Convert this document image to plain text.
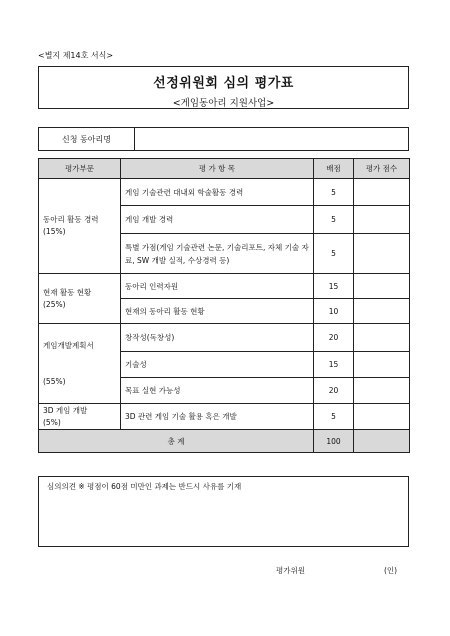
<별지 제14호 서식>
선정위원회 심의 평가표
<게임동아리 지원사업>
신청 동아리명
평가부문	평 가 항 목	배점	평가 점수
동아리 활동 경력
(15%)	게임 기술관련 대내외 학술활동 경력	5	
	게임 개발 경력	5	
	특별 가점(게임 기술관련 논문, 기술리포트, 자체 기술 자료, SW 개발 실적, 수상경력 등)	5	
현재 활동 현황
(25%)	동아리 인력자원	15	
	현재의 동아리 활동 현황	10	
게임개발계획서

(55%)	창작성(독창성)	20	
	기술성	15	
	목표 실현 가능성	20	
3D 게임 개발
(5%)	3D 관련 게임 기술 활용 혹은 개발	5	
총 계		100	
심의의견 ※ 평점이 60점 미만인 과제는 반드시 사유를 기재
평가위원	(인)
